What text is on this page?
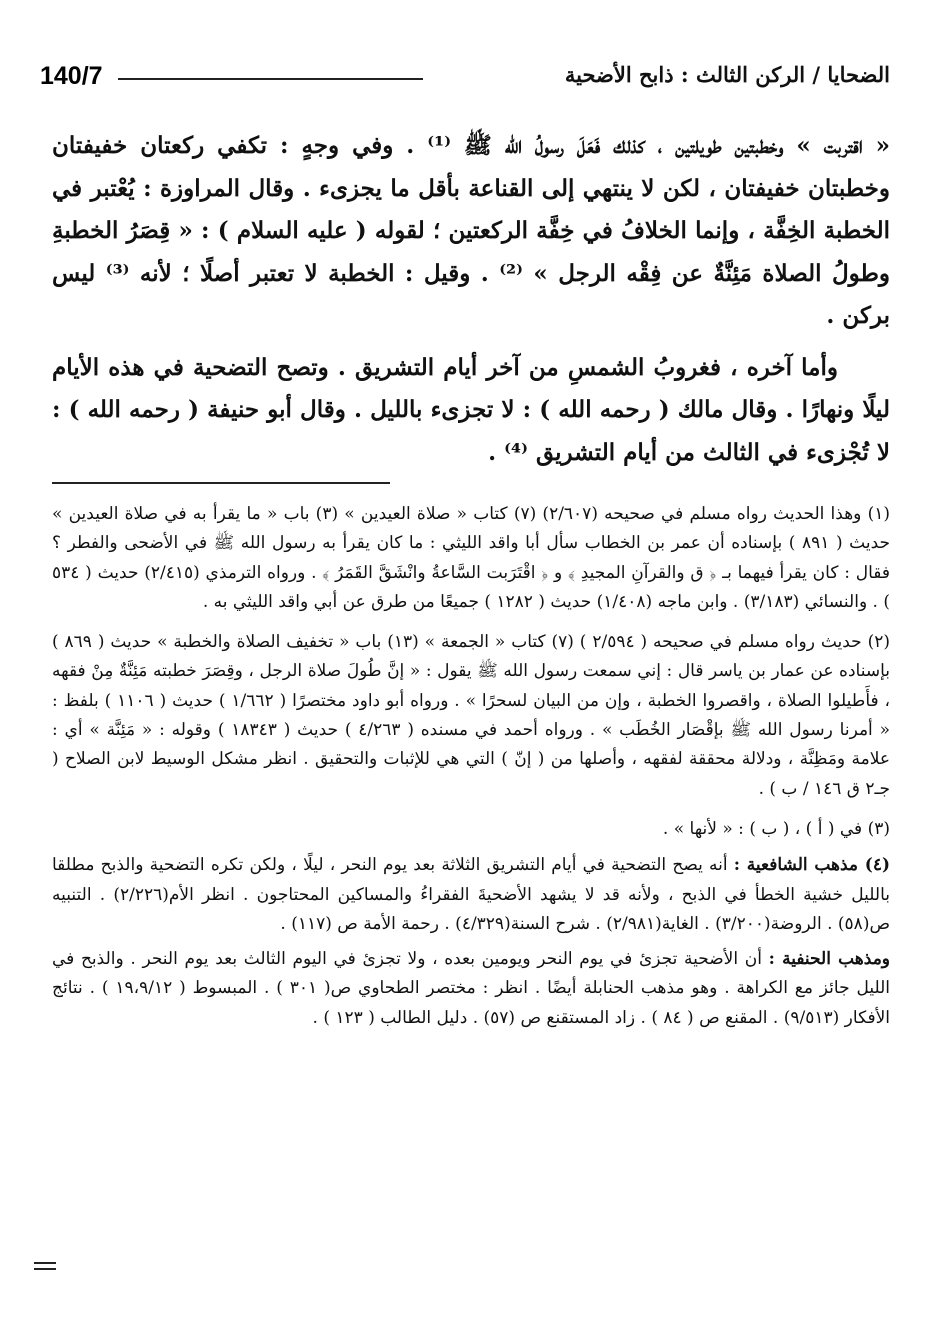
140/7	الضحايا / الركن الثالث : ذابح الأضحية

« اقتربت » وخطبتين طويلتين ، كذلك فَعَلَ رسولُ الله ﷺ ⁽¹⁾ . وفي وجهٍ : تكفي ركعتان خفيفتان وخطبتان خفيفتان ، لكن لا ينتهي إلى القناعة بأقل ما يجزىء . وقال المراوزة : يُعْتبر في الخطبة الخِفَّة ، وإنما الخلافُ في خِفَّة الركعتين ؛ لقوله ( عليه السلام ) : « قِصَرُ الخطبةِ وطولُ الصلاة مَئِنَّةٌ عن فِقْه الرجل » ⁽²⁾ . وقيل : الخطبة لا تعتبر أصلًا ؛ لأنه ⁽³⁾ ليس بركن .

وأما آخره ، فغروبُ الشمسِ من آخر أيام التشريق . وتصح التضحية في هذه الأيام ليلًا ونهارًا . وقال مالك ( رحمه الله ) : لا تجزىء بالليل . وقال أبو حنيفة ( رحمه الله ) : لا تُجْزىء في الثالث من أيام التشريق ⁽⁴⁾ .

(١) وهذا الحديث رواه مسلم في صحيحه (٢/٦٠٧) (٧) كتاب « صلاة العيدين » (٣) باب « ما يقرأ به في صلاة العيدين » حديث ( ٨٩١ ) بإسناده أن عمر بن الخطاب سأل أبا واقد الليثي : ما كان يقرأ به رسول الله ﷺ في الأضحى والفطر ؟ فقال : كان يقرأ فيهما بـ ﴿ ق والقرآنِ المجيدِ ﴾ و ﴿ اقْتَرَبت السَّاعةُ وانْشَقَّ القَمَرُ ﴾ . ورواه الترمذي (٢/٤١٥) حديث ( ٥٣٤ ) . والنسائي (٣/١٨٣) . وابن ماجه (١/٤٠٨) حديث ( ١٢٨٢ ) جميعًا من طرق عن أبي واقد الليثي به .
(٢) حديث رواه مسلم في صحيحه ( ٢/٥٩٤ ) (٧) كتاب « الجمعة » (١٣) باب « تخفيف الصلاة والخطبة » حديث ( ٨٦٩ ) بإسناده عن عمار بن ياسر قال : إني سمعت رسول الله ﷺ يقول : « إنَّ طُولَ صلاة الرجل ، وقِصَرَ خطبته مَئِنَّةٌ مِنْ فقهه ، فأَطيلوا الصلاة ، واقصروا الخطبة ، وإن من البيان لسحرًا » . ورواه أبو داود مختصرًا ( ١/٦٦٢ ) حديث ( ١١٠٦ ) بلفظ : « أمرنا رسول الله ﷺ بإقْصَار الخُطَب » . ورواه أحمد في مسنده ( ٤/٢٦٣ ) حديث ( ١٨٣٤٣ ) وقوله : « مَئِنَّة » أي : علامة ومَظِنَّة ، ودلالة محققة لفقهه ، وأصلها من ( إنّ ) التي هي للإثبات والتحقيق . انظر مشكل الوسيط لابن الصلاح ( جـ٢ ق ١٤٦ / ب ) .
(٣) في ( أ ) ، ( ب ) : « لأنها » .
(٤) مذهب الشافعية : أنه يصح التضحية في أيام التشريق الثلاثة بعد يوم النحر ، ليلًا ، ولكن تكره التضحية والذبح مطلقا بالليل خشية الخطأ في الذبح ، ولأنه قد لا يشهد الأضحيةَ الفقراءُ والمساكين المحتاجون . انظر الأم(٢/٢٢٦) . التنبيه ص(٥٨) . الروضة(٣/٢٠٠) . الغاية(٢/٩٨١) . شرح السنة(٤/٣٢٩) . رحمة الأمة ص (١١٧) .
ومذهب الحنفية : أن الأضحية تجزئ في يوم النحر ويومين بعده ، ولا تجزئ في اليوم الثالث بعد يوم النحر . والذبح في الليل جائز مع الكراهة . وهو مذهب الحنابلة أيضًا . انظر : مختصر الطحاوي ص( ٣٠١ ) . المبسوط ( ١٩،٩/١٢ ) . نتائج الأفكار (٩/٥١٣) . المقنع ص ( ٨٤ ) . زاد المستقنع ص (٥٧) . دليل الطالب ( ١٢٣ ) .
